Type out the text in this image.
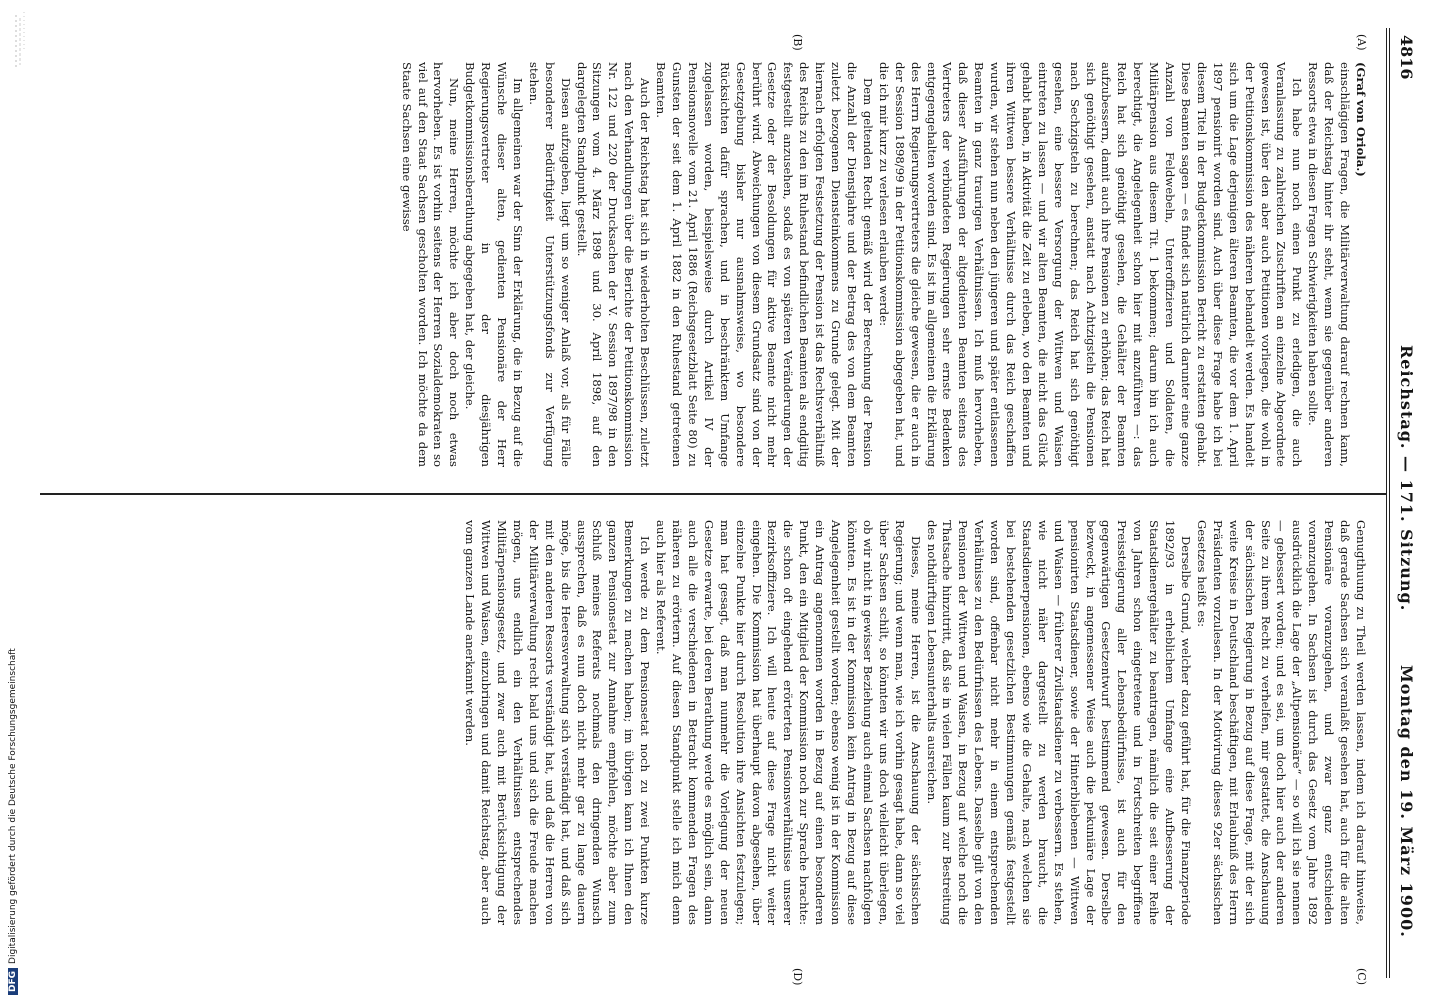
4816
Reichstag. — 171. Sitzung.
Montag den 19. März 1900.
(A)
(B)
(C)
(D)

(Graf von Oriola.)

einschlägigen Fragen, die Militärverwaltung darauf rechnen kann, daß der Reichstag hinter ihr steht, wenn sie gegenüber anderen Ressorts etwa in diesen Fragen Schwierigkeiten haben sollte.

Ich habe nun noch einen Punkt zu erledigen, die auch Veranlassung zu zahlreichen Zuschriften an einzelne Abgeordnete gewesen ist, über den aber auch Petitionen vorliegen, die wohl in der Petitionskommission des näheren behandelt werden. Es handelt sich um die Lage derjenigen älteren Beamten, die vor dem 1. April 1897 pensionirt worden sind. Auch über diese Frage habe ich bei diesem Titel in der Budgetkommission Bericht zu erstatten gehabt. Diese Beamten sagen — es findet sich natürlich darunter eine ganze Anzahl von Feldwebeln, Unteroffizieren und Soldaten, die Militärpension aus diesem Tit. 1 bekommen; darum bin ich auch berechtigt, die Angelegenheit schon hier mit anzuführen —: das Reich hat sich genöthigt gesehen, die Gehälter der Beamten aufzubessern, damit auch ihre Pensionen zu erhöhen; das Reich hat sich genöthigt gesehen, anstatt nach Achtzigsteln die Pensionen nach Sechzigsteln zu berechnen; das Reich hat sich genöthigt gesehen, eine bessere Versorgung der Wittwen und Waisen eintreten zu lassen — und wir alten Beamten, die nicht das Glück gehabt haben, in Aktivität die Zeit zu erleben, wo den Beamten und ihren Wittwen bessere Verhältnisse durch das Reich geschaffen wurden, wir stehen nun neben den jüngeren und später entlassenen Beamten in ganz traurigen Verhältnissen. Ich muß hervorheben, daß dieser Ausführungen der altgedienten Beamten seitens des Vertreters der verbündeten Regierungen sehr ernste Bedenken entgegengehalten worden sind. Es ist im allgemeinen die Erklärung des Herrn Regierungsvertreters die gleiche gewesen, die er auch in der Session 1898/99 in der Petitionskommission abgegeben hat, und die ich mir kurz zu verlesen erlauben werde:

Dem geltenden Recht gemäß wird der Berechnung der Pension die Anzahl der Dienstjahre und der Betrag des von dem Beamten zuletzt bezogenen Diensteinkommens zu Grunde gelegt. Mit der hiernach erfolgten Festsetzung der Pension ist das Rechtsverhältniß des Reichs zu den im Ruhestand befindlichen Beamten als endgiltig festgestellt anzusehen, sodaß es von späteren Veränderungen der Gesetze oder der Besoldungen für aktive Beamte nicht mehr berührt wird. Abweichungen von diesem Grundsatz sind von der Gesetzgebung bisher nur ausnahmsweise, wo besondere Rücksichten dafür sprachen, und in beschränktem Umfange zugelassen worden, beispielsweise durch Artikel IV der Pensionsnovelle vom 21. April 1886 (Reichsgesetzblatt Seite 80) zu Gunsten der seit dem 1. April 1882 in den Ruhestand getretenen Beamten.

Auch der Reichstag hat sich in wiederholten Beschlüssen, zuletzt nach den Verhandlungen über die Berichte der Petitionskommission Nr. 122 und 220 der Drucksachen der V. Session 1897/98 in den Sitzungen vom 4. März 1898 und 30. April 1898, auf den dargelegten Standpunkt gestellt.

Diesen aufzugeben, liegt um so weniger Anlaß vor, als für Fälle besonderer Bedürftigkeit Unterstützungsfonds zur Verfügung stehen.

Im allgemeinen war der Sinn der Erklärung, die in Bezug auf die Wünsche dieser alten, gedienten Pensionäre der Herr Regierungsvertreter in der diesjährigen Budgetkommissionsberathung abgegeben hat, der gleiche.

Nun, meine Herren, möchte ich aber doch noch etwas hervorheben. Es ist vorhin seitens der Herren Sozialdemokraten so viel auf den Staat Sachsen gescholten worden. Ich möchte da dem Staate Sachsen eine gewisse

Genugthuung zu Theil werden lassen, indem ich darauf hinweise, daß gerade Sachsen sich veranlaßt gesehen hat, auch für die alten Pensionäre voranzugehen, und zwar ganz entschieden voranzugehen. In Sachsen ist durch das Gesetz vom Jahre 1892 ausdrücklich die Lage der „Altpensionäre“ — so will ich sie nennen — gebessert worden; und es sei, um doch hier auch der anderen Seite zu ihrem Recht zu verhelfen, mir gestattet, die Anschauung der sächsischen Regierung in Bezug auf diese Frage, mit der sich weite Kreise in Deutschland beschäftigen, mit Erlaubniß des Herrn Präsidenten vorzulesen. In der Motivirung dieses 92er sächsischen Gesetzes heißt es:

Derselbe Grund, welcher dazu geführt hat, für die Finanzperiode 1892/93 in erheblichem Umfange eine Aufbesserung der Staatsdienergehälter zu beantragen, nämlich die seit einer Reihe von Jahren schon eingetretene und in Fortschreiten begriffene Preissteigerung aller Lebensbedürfnisse, ist auch für den gegenwärtigen Gesetzentwurf bestimmend gewesen. Derselbe bezweckt, in angemessener Weise auch die pekuniäre Lage der pensionirten Staatsdiener, sowie der Hinterbliebenen — Wittwen und Waisen — früherer Zivilstaatsdiener zu verbessern. Es stehen, wie nicht näher dargestellt zu werden braucht, die Staatsdienerpensionen, ebenso wie die Gehalte, nach welchen sie bei bestehenden gesetzlichen Bestimmungen gemäß festgestellt worden sind, offenbar nicht mehr in einem entsprechenden Verhältnisse zu den Bedürfnissen des Lebens. Dasselbe gilt von den Pensionen der Wittwen und Waisen, in Bezug auf welche noch die Thatsache hinzutritt, daß sie in vielen Fällen kaum zur Bestreitung des nothdürftigen Lebensunterhalts ausreichen.

Dieses, meine Herren, ist die Anschauung der sächsischen Regierung; und wenn man, wie ich vorhin gesagt habe, dann so viel über Sachsen schilt, so könnten wir uns doch vielleicht überlegen, ob wir nicht in gewisser Beziehung auch einmal Sachsen nachfolgen könnten. Es ist in der Kommission kein Antrag in Bezug auf diese Angelegenheit gestellt worden; ebenso wenig ist in der Kommission ein Antrag angenommen worden in Bezug auf einen besonderen Punkt, den ein Mitglied der Kommission noch zur Sprache brachte: die schon oft eingehend erörterten Pensionsverhältnisse unserer Bezirksoffiziere. Ich will heute auf diese Frage nicht weiter eingehen. Die Kommission hat überhaupt davon abgesehen, über einzelne Punkte hier durch Resolution ihre Ansichten festzulegen; man hat gesagt, daß man nunmehr die Vorlegung der neuen Gesetze erwarte, bei deren Berathung werde es möglich sein, dann auch alle die verschiedenen in Betracht kommenden Fragen des näheren zu erörtern. Auf diesen Standpunkt stelle ich mich denn auch hier als Referent.

Ich werde zu dem Pensionsetat noch zu zwei Punkten kurze Bemerkungen zu machen haben; im übrigen kann ich Ihnen den ganzen Pensionsetat zur Annahme empfehlen, möchte aber zum Schluß meines Referats nochmals den dringenden Wunsch aussprechen, daß es nun doch nicht mehr gar zu lange dauern möge, bis die Heeresverwaltung sich verständigt hat, und daß sich mit den anderen Ressorts verständigt hat, und daß die Herren von der Militärverwaltung recht bald uns und sich die Freude machen mögen, uns endlich ein den Verhältnissen entsprechendes Militärpensionsgesetz, und zwar auch mit Berücksichtigung der Wittwen und Waisen, einzubringen und damit Reichstag, aber auch vom ganzen Lande anerkannt werden.

DFGDigitalisierung gefördert durch die Deutsche Forschungsgemeinschaft
